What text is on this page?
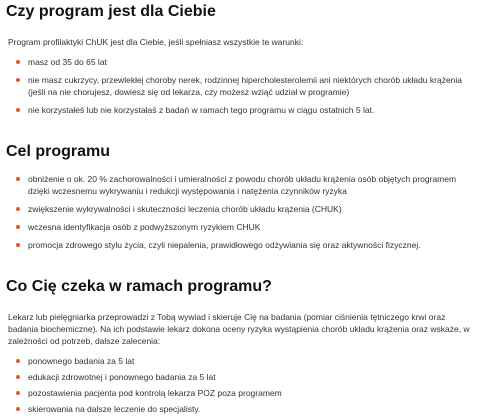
Czy program jest dla Ciebie

Program profilaktyki ChUK jest dla Ciebie, jeśli spełniasz wszystkie te warunki:

masz od 35 do 65 lat
nie masz cukrzycy, przewlekłej choroby nerek, rodzinnej hipercholesterolemii ani niektórych chorób układu krążenia (jeśli na nie chorujesz, dowiesz się od lekarza, czy możesz wziąć udział w programie)
nie korzystałeś lub nie korzystałaś z badań w ramach tego programu w ciągu ostatnich 5 lat.
Cel programu
obniżenie o ok. 20 % zachorowalności i umieralności z powodu chorób układu krążenia osób objętych programem dzięki wczesnemu wykrywaniu i redukcji występowania i natężenia czynników ryzyka
zwiększenie wykrywalności i skuteczności leczenia chorób układu krążenia (CHUK)
wczesna identyfikacja osób z podwyższonym ryzykiem CHUK
promocja zdrowego stylu życia, czyli niepalenia, prawidłowego odżywiania się oraz aktywności fizycznej.
Co Cię czeka w ramach programu?

Lekarz lub pielęgniarka przeprowadzi z Tobą wywiad i skieruje Cię na badania (pomiar ciśnienia tętniczego krwi oraz badania biochemiczne). Na ich podstawie lekarz dokona oceny ryzyka wystąpienia chorób układu krążenia oraz wskaże, w zależności od potrzeb, dalsze zalecenia:

ponownego badania za 5 lat
edukacji zdrowotnej i ponownego badania za 5 lat
pozostawienia pacjenta pod kontrolą lekarza POZ poza programem
skierowania na dalsze leczenie do specjalisty.
